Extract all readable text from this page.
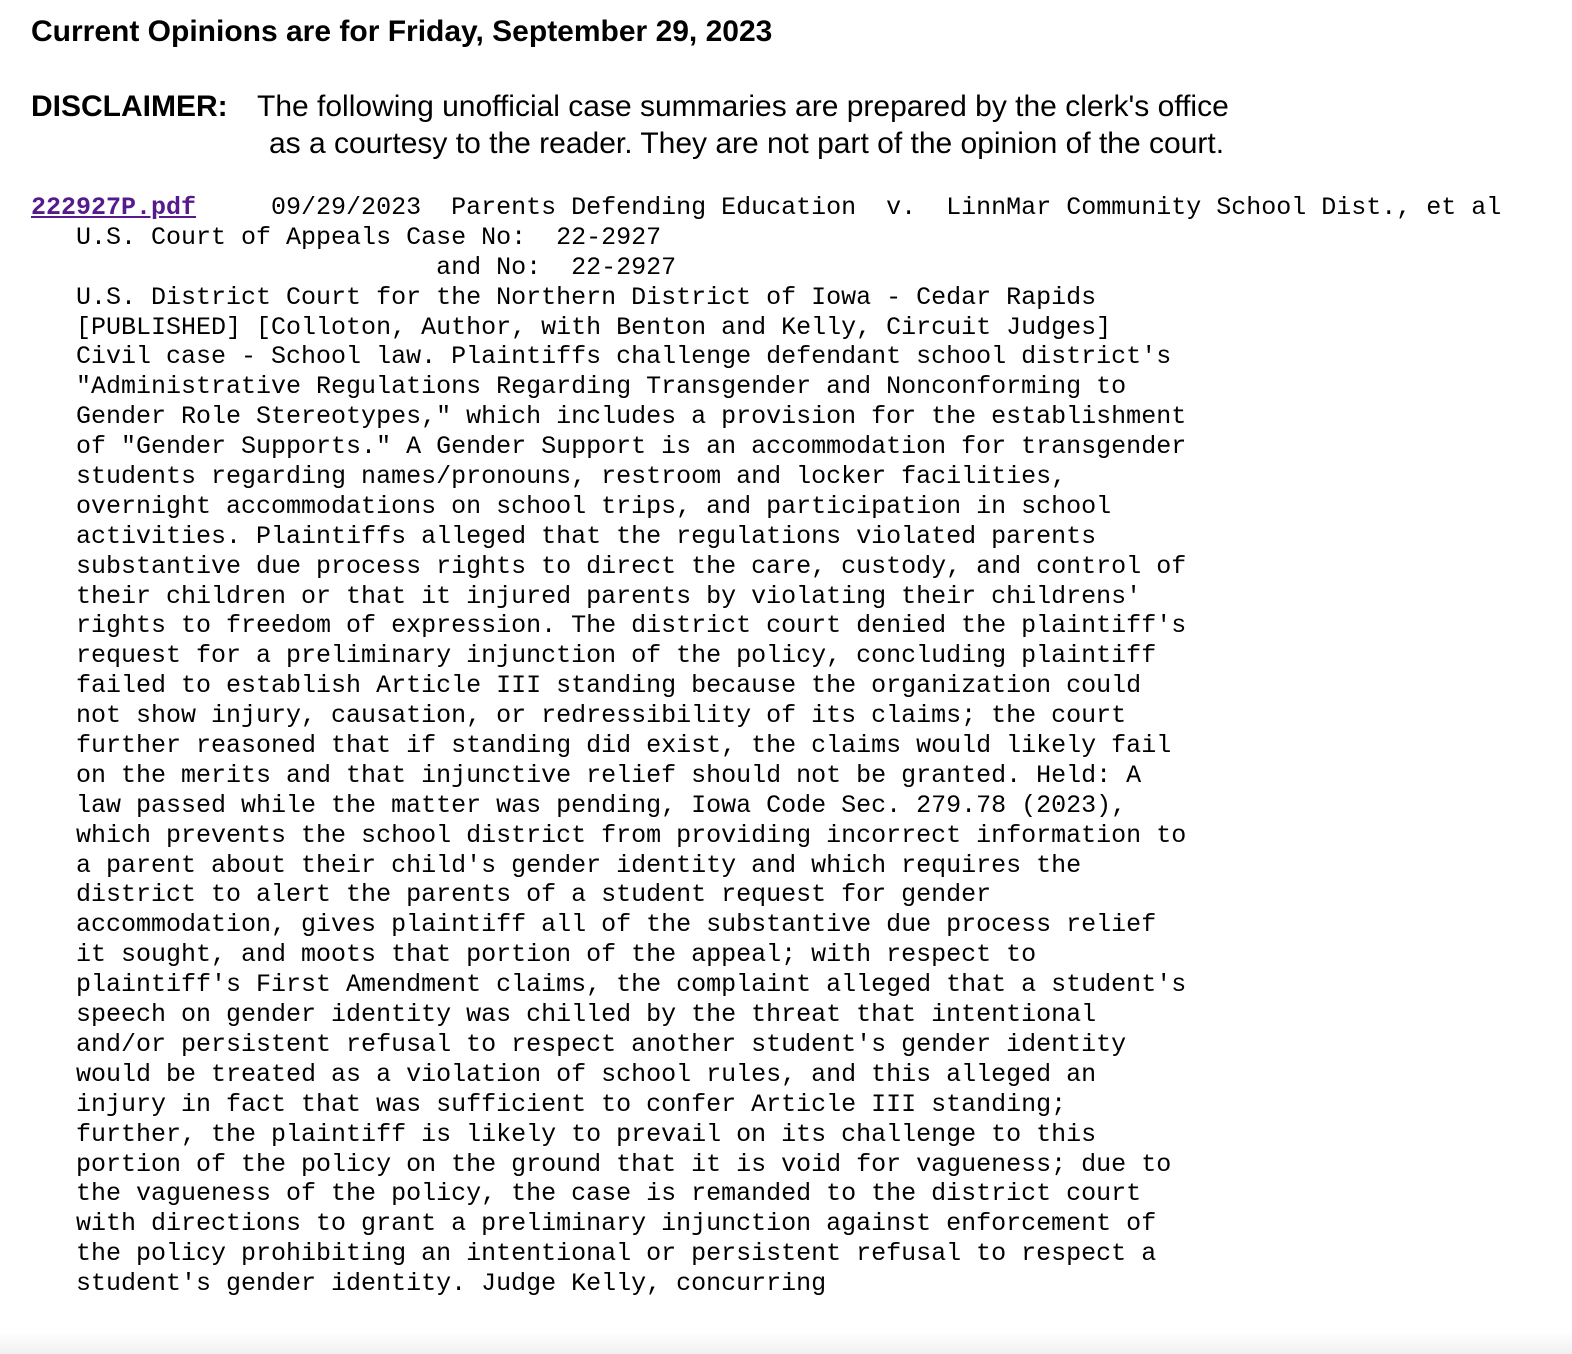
Current Opinions are for Friday, September 29, 2023
DISCLAIMER: The following unofficial case summaries are prepared by the clerk's office
as a courtesy to the reader. They are not part of the opinion of the court.
222927P.pdf	09/29/2023 Parents Defending Education  v.  LinnMar Community School Dist., et al
U.S. Court of Appeals Case No: 22-2927
and No: 22-2927
U.S. District Court for the Northern District of Iowa - Cedar Rapids
[PUBLISHED] [Colloton, Author, with Benton and Kelly, Circuit Judges]
Civil case - School law. Plaintiffs challenge defendant school district's
"Administrative Regulations Regarding Transgender and Nonconforming to
Gender Role Stereotypes," which includes a provision for the establishment
of "Gender Supports." A Gender Support is an accommodation for transgender
students regarding names/pronouns, restroom and locker facilities,
overnight accommodations on school trips, and participation in school
activities. Plaintiffs alleged that the regulations violated parents
substantive due process rights to direct the care, custody, and control of
their children or that it injured parents by violating their childrens'
rights to freedom of expression. The district court denied the plaintiff's
request for a preliminary injunction of the policy, concluding plaintiff
failed to establish Article III standing because the organization could
not show injury, causation, or redressibility of its claims; the court
further reasoned that if standing did exist, the claims would likely fail
on the merits and that injunctive relief should not be granted. Held: A
law passed while the matter was pending, Iowa Code Sec. 279.78 (2023),
which prevents the school district from providing incorrect information to
a parent about their child's gender identity and which requires the
district to alert the parents of a student request for gender
accommodation, gives plaintiff all of the substantive due process relief
it sought, and moots that portion of the appeal; with respect to
plaintiff's First Amendment claims, the complaint alleged that a student's
speech on gender identity was chilled by the threat that intentional
and/or persistent refusal to respect another student's gender identity
would be treated as a violation of school rules, and this alleged an
injury in fact that was sufficient to confer Article III standing;
further, the plaintiff is likely to prevail on its challenge to this
portion of the policy on the ground that it is void for vagueness; due to
the vagueness of the policy, the case is remanded to the district court
with directions to grant a preliminary injunction against enforcement of
the policy prohibiting an intentional or persistent refusal to respect a
student's gender identity. Judge Kelly, concurring
